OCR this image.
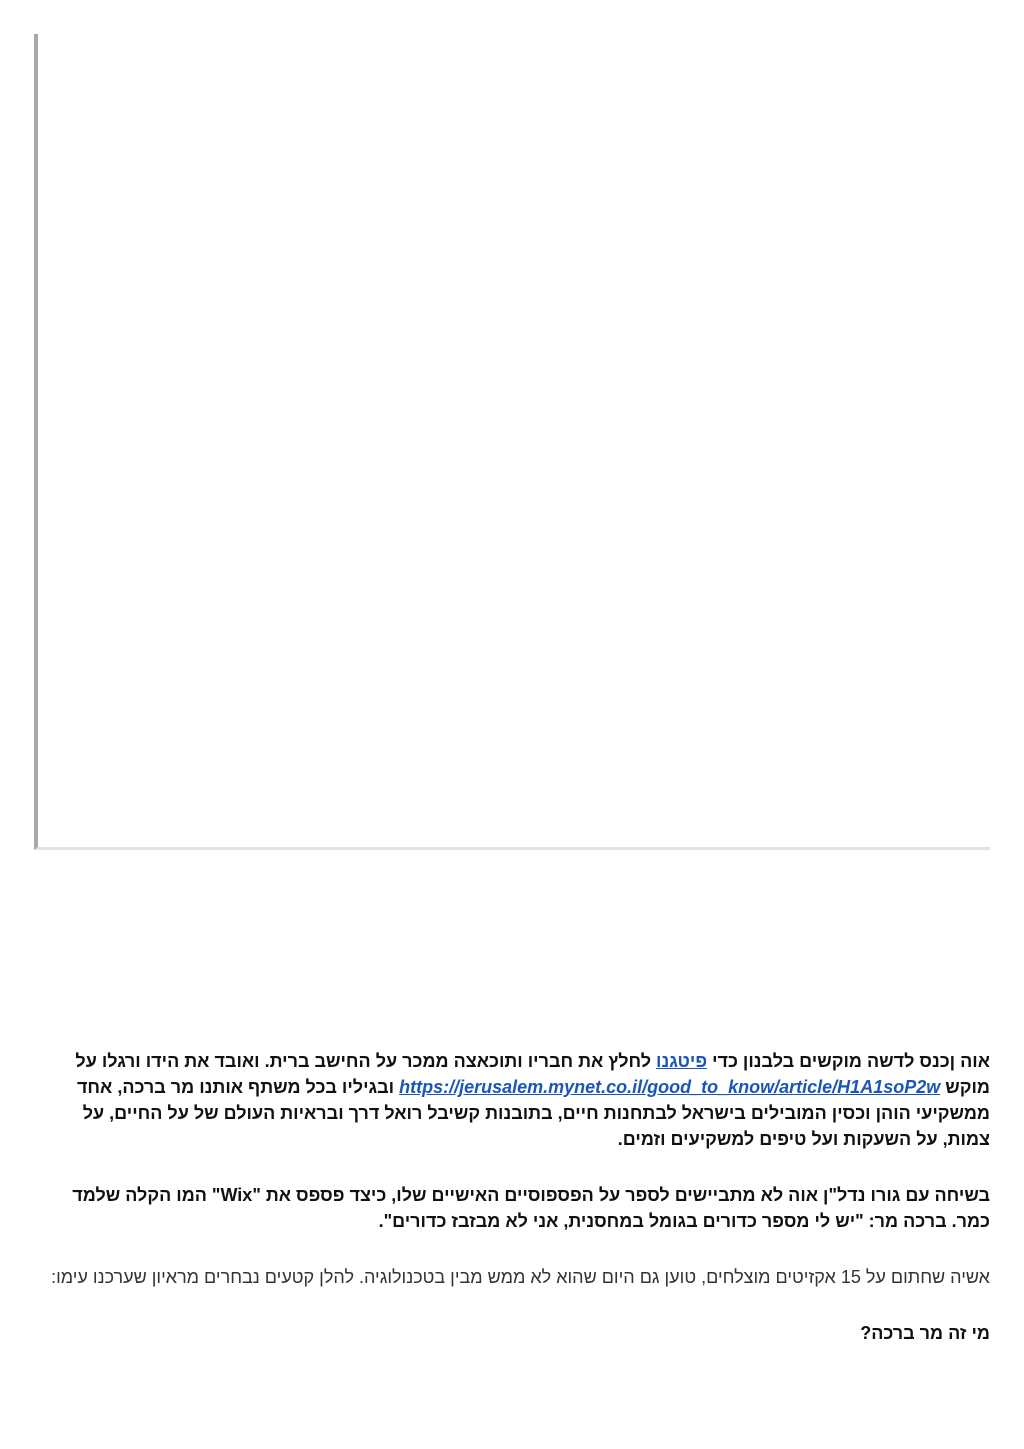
אוה ןכנס לדשה מוקשים בלבנון כדי פיטגנו לחלץ את חבריו ותוכאצה ממכר על החישב ברית. ואובד את הידו ורגלו על מוקש https://jerusalem.mynet.co.il/good_to_know/article/H1A1soP2w ובגיליו בכל משתף אותנו מר ברכה, אחד ממשקיעי הוהן וכסין המובילים בישראל לבתחנות חיים, בתובנות קשיבל רואל דרך ובראיות העולם של על החיים, על צמות, על השעקות ועל טיפים למשקיעים וזמים.

בשיחה עם גורו נדל"ן אוה לא מתביישים לספר על הפספוסיים האישיים שלו, כיצד פספס את "Wix" המו הקלה שלמד כמר. ברכה מר: "יש לי מספר כדורים בגומל במחסנית, אני לא מבזבז כדורים".

אשיה שחתום על 15 אקזיטים מוצלחים, טוען גם היום שהוא לא ממש מבין בטכנולוגיה. להלן קטעים נבחרים מראיון שערכנו עימו:

מי זה מר ברכה?
